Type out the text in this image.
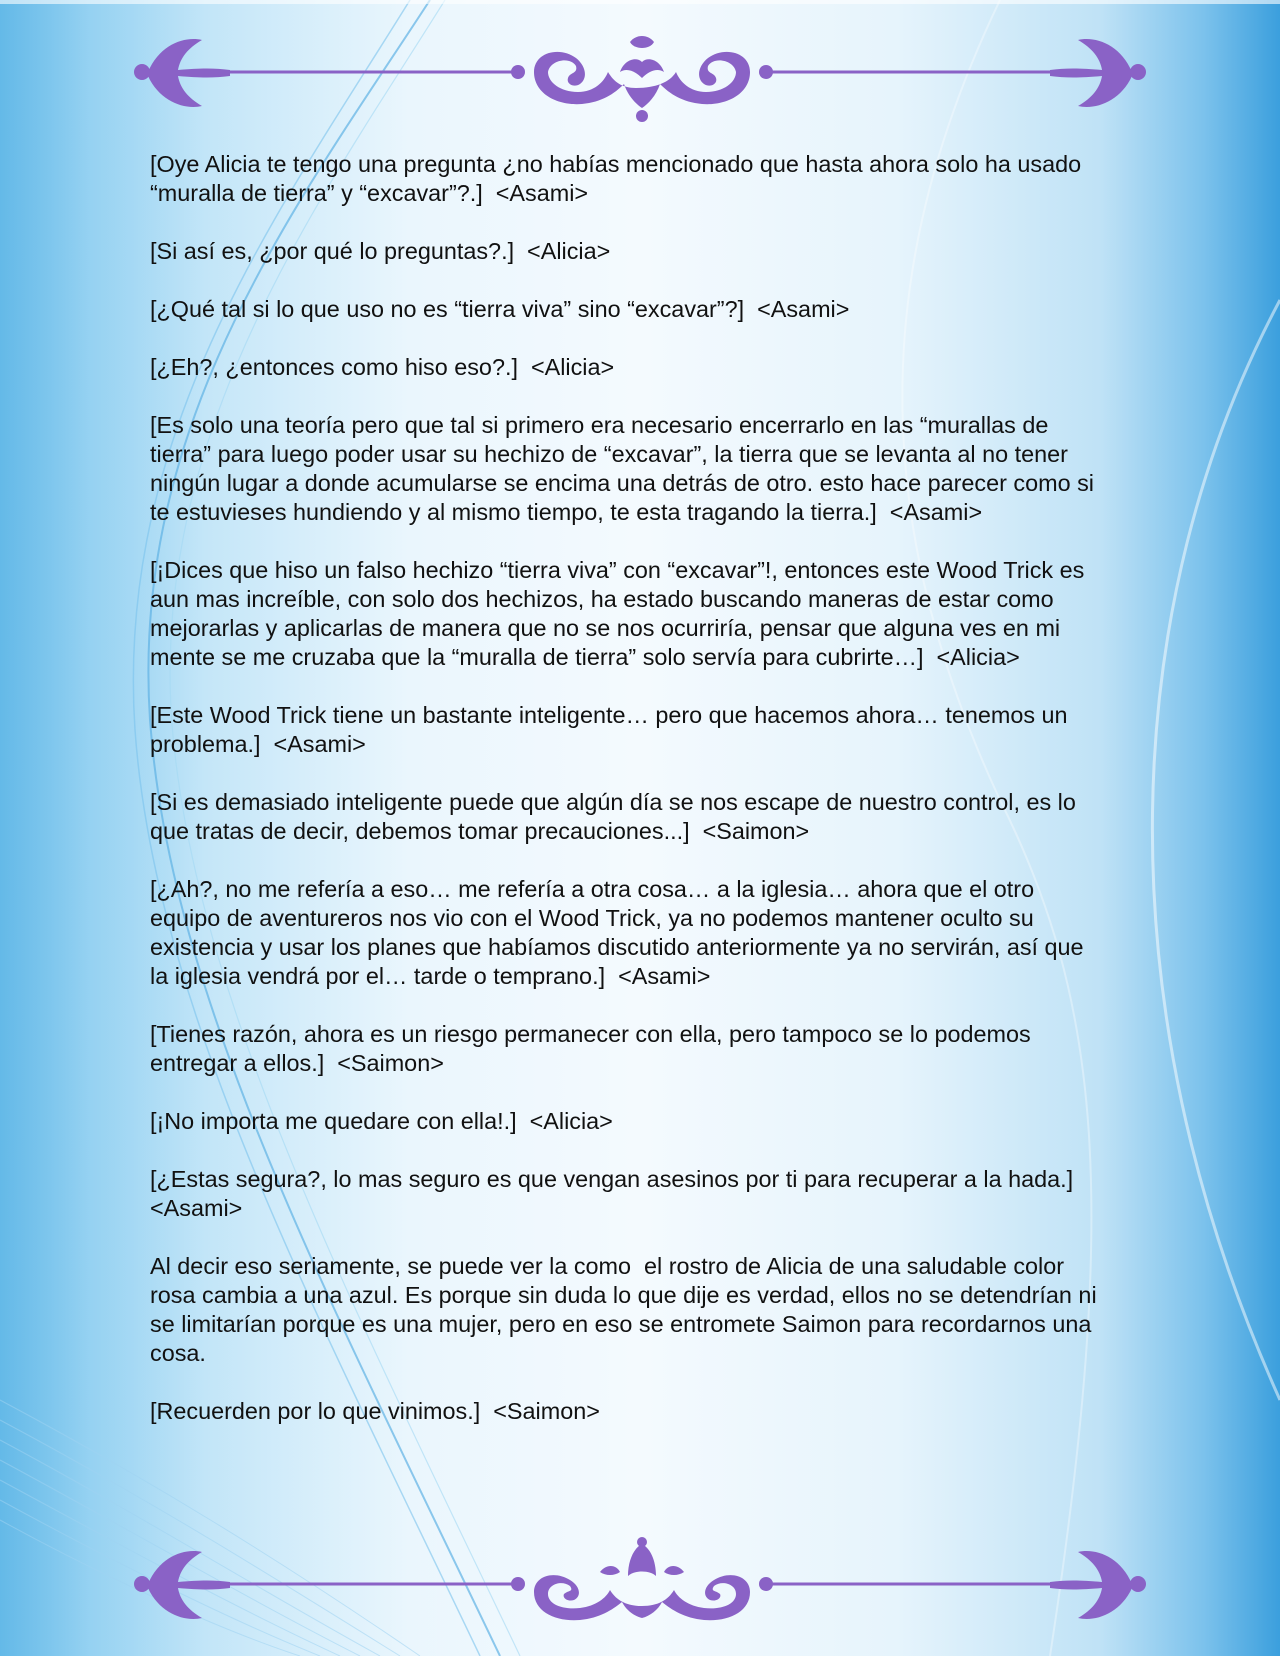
[Oye Alicia te tengo una pregunta ¿no habías mencionado que hasta ahora solo ha usado “muralla de tierra” y “excavar”?.]  <Asami>

[Si así es, ¿por qué lo preguntas?.]  <Alicia>

[¿Qué tal si lo que uso no es “tierra viva” sino “excavar”?]  <Asami>

[¿Eh?, ¿entonces como hiso eso?.]  <Alicia>

[Es solo una teoría pero que tal si primero era necesario encerrarlo en las “murallas de tierra” para luego poder usar su hechizo de “excavar”, la tierra que se levanta al no tener ningún lugar a donde acumularse se encima una detrás de otro. esto hace parecer como si te estuvieses hundiendo y al mismo tiempo, te esta tragando la tierra.]  <Asami>

[¡Dices que hiso un falso hechizo “tierra viva” con “excavar”!, entonces este Wood Trick es aun mas increíble, con solo dos hechizos, ha estado buscando maneras de estar como mejorarlas y aplicarlas de manera que no se nos ocurriría, pensar que alguna ves en mi mente se me cruzaba que la “muralla de tierra” solo servía para cubrirte…]  <Alicia>

[Este Wood Trick tiene un bastante inteligente… pero que hacemos ahora… tenemos un problema.]  <Asami>

[Si es demasiado inteligente puede que algún día se nos escape de nuestro control, es lo que tratas de decir, debemos tomar precauciones...]  <Saimon>

[¿Ah?, no me refería a eso… me refería a otra cosa… a la iglesia… ahora que el otro equipo de aventureros nos vio con el Wood Trick, ya no podemos mantener oculto su existencia y usar los planes que habíamos discutido anteriormente ya no servirán, así que la iglesia vendrá por el… tarde o temprano.]  <Asami>

[Tienes razón, ahora es un riesgo permanecer con ella, pero tampoco se lo podemos entregar a ellos.]  <Saimon>

[¡No importa me quedare con ella!.]  <Alicia>

[¿Estas segura?, lo mas seguro es que vengan asesinos por ti para recuperar a la hada.]  <Asami>

Al decir eso seriamente, se puede ver la como  el rostro de Alicia de una saludable color rosa cambia a una azul. Es porque sin duda lo que dije es verdad, ellos no se detendrían ni se limitarían porque es una mujer, pero en eso se entromete Saimon para recordarnos una cosa.

[Recuerden por lo que vinimos.]  <Saimon>
